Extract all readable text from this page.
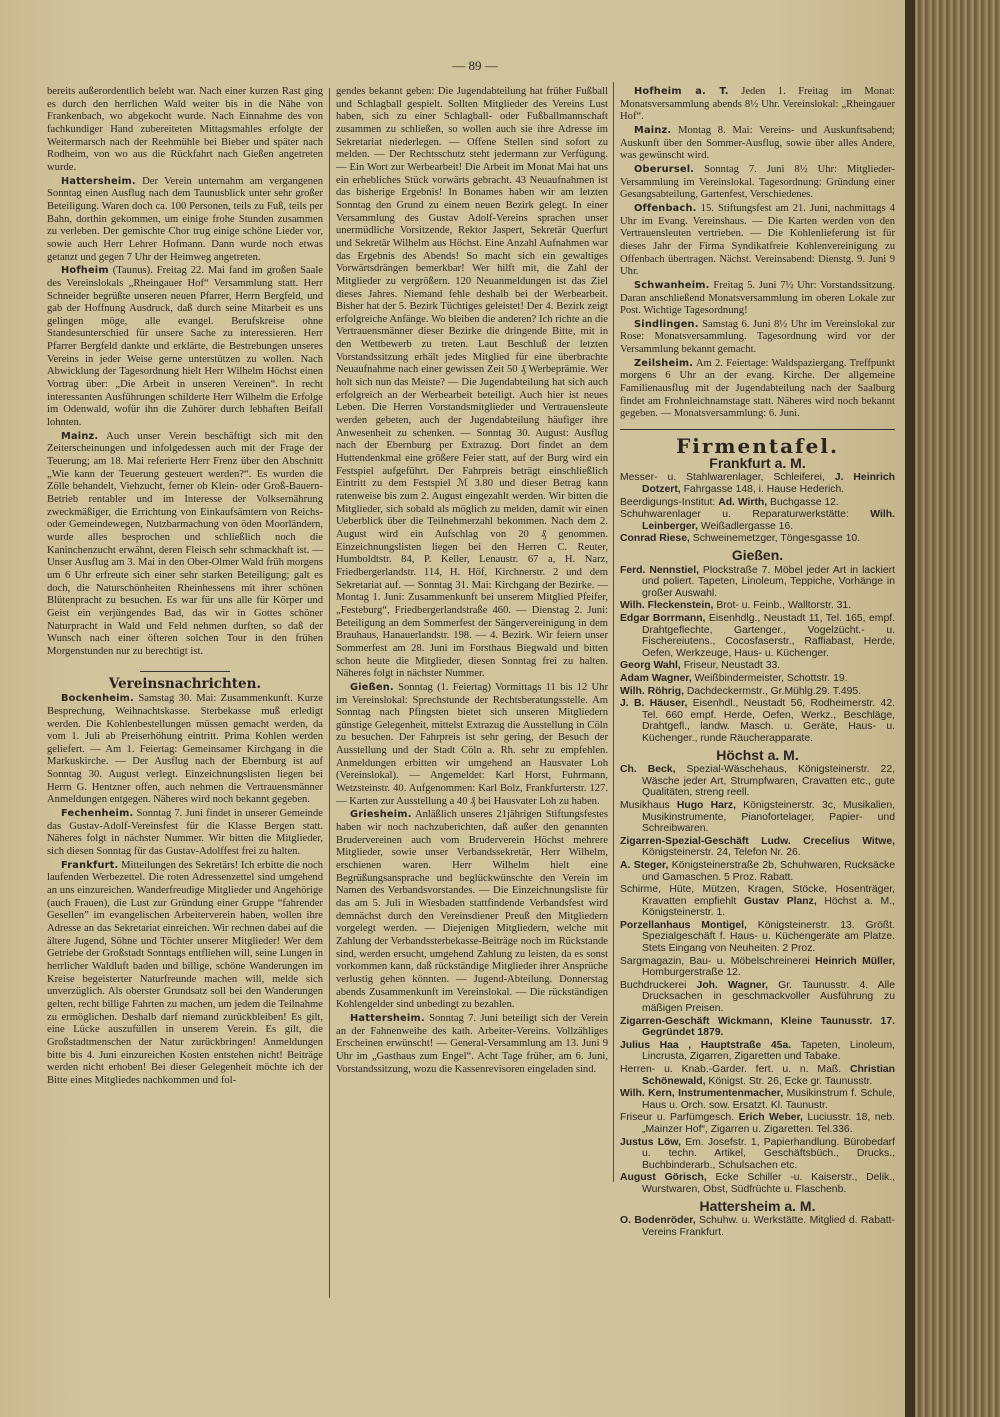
— 89 —

bereits außerordentlich belebt war. Nach einer kurzen Rast ging es durch den herrlichen Wald weiter bis in die Nähe von Frankenbach, wo abgekocht wurde. Nach Einnahme des von fachkundiger Hand zubereiteten Mittagsmahles erfolgte der Weitermarsch nach der Reehmühle bei Bieber und später nach Rodheim, von wo aus die Rückfahrt nach Gießen angetreten wurde.

Hattersheim. Der Verein unternahm am vergangenen Sonntag einen Ausflug nach dem Taunusblick unter sehr großer Beteiligung. Waren doch ca. 100 Personen, teils zu Fuß, teils per Bahn, dorthin gekommen, um einige frohe Stunden zusammen zu verleben. Der gemischte Chor trug einige schöne Lieder vor, sowie auch Herr Lehrer Hofmann. Dann wurde noch etwas getanzt und gegen 7 Uhr der Heimweg angetreten.

Hofheim (Taunus). Freitag 22. Mai fand im großen Saale des Vereinslokals „Rheingauer Hof“ Versammlung statt. Herr Schneider begrüßte unseren neuen Pfarrer, Herrn Bergfeld, und gab der Hoffnung Ausdruck, daß durch seine Mitarbeit es uns gelingen möge, alle evangel. Berufskreise ohne Standesunterschied für unsere Sache zu interessieren. Herr Pfarrer Bergfeld dankte und erklärte, die Bestrebungen unseres Vereins in jeder Weise gerne unterstützen zu wollen. Nach Abwicklung der Tagesordnung hielt Herr Wilhelm Höchst einen Vortrag über: „Die Arbeit in unseren Vereinen“. In recht interessanten Ausführungen schilderte Herr Wilhelm die Erfolge im Odenwald, wofür ihn die Zuhörer durch lebhaften Beifall lohnten.

Mainz. Auch unser Verein beschäftigt sich mit den Zeiterscheinungen und infolgedessen auch mit der Frage der Teuerung; am 18. Mai referierte Herr Frenz über den Abschnitt „Wie kann der Teuerung gesteuert werden?“. Es wurden die Zölle behandelt, Viehzucht, ferner ob Klein- oder Groß-Bauern-Betrieb rentabler und im Interesse der Volksernährung zweckmäßiger, die Errichtung von Einkaufsämtern von Reichs- oder Gemeindewegen, Nutzbarmachung von öden Moorländern, wurde alles besprochen und schließlich noch die Kaninchenzucht erwähnt, deren Fleisch sehr schmackhaft ist. — Unser Ausflug am 3. Mai in den Ober-Olmer Wald früh morgens um 6 Uhr erfreute sich einer sehr starken Beteiligung; galt es doch, die Naturschönheiten Rheinhessens mit ihrer schönen Blütenpracht zu besuchen. Es war für uns alle für Körper und Geist ein verjüngendes Bad, das wir in Gottes schöner Naturpracht in Wald und Feld nehmen durften, so daß der Wunsch nach einer öfteren solchen Tour in den frühen Morgenstunden nur zu berechtigt ist.

Vereinsnachrichten.

Bockenheim. Samstag 30. Mai: Zusammenkunft. Kurze Besprechung, Weihnachtskasse. Sterbekasse muß erledigt werden. Die Kohlenbestellungen müssen gemacht werden, da vom 1. Juli ab Preiserhöhung eintritt. Prima Kohlen werden geliefert. — Am 1. Feiertag: Gemeinsamer Kirchgang in die Markuskirche. — Der Ausflug nach der Ebernburg ist auf Sonntag 30. August verlegt. Einzeichnungslisten liegen bei Herrn G. Hentzner offen, auch nehmen die Vertrauensmänner Anmeldungen entgegen. Näheres wird noch bekannt gegeben.

Fechenheim. Sonntag 7. Juni findet in unserer Gemeinde das Gustav-Adolf-Vereinsfest für die Klasse Bergen statt. Näheres folgt in nächster Nummer. Wir bitten die Mitglieder, sich diesen Sonntag für das Gustav-Adolffest frei zu halten.

Frankfurt. Mitteilungen des Sekretärs! Ich erbitte die noch laufenden Werbezettel. Die roten Adressenzettel sind umgehend an uns einzureichen. Wanderfreudige Mitglieder und Angehörige (auch Frauen), die Lust zur Gründung einer Gruppe “fahrender Gesellen” im evangelischen Arbeiterverein haben, wollen ihre Adresse an das Sekretariat einreichen. Wir rechnen dabei auf die ältere Jugend, Söhne und Töchter unserer Mitglieder! Wer dem Getriebe der Großstadt Sonntags entfliehen will, seine Lungen in herrlicher Waldluft baden und billige, schöne Wanderungen im Kreise begeisterter Naturfreunde machen will, melde sich unverzüglich. Als oberster Grundsatz soll bei den Wanderungen gelten, recht billige Fahrten zu machen, um jedem die Teilnahme zu ermöglichen. Deshalb darf niemand zurückbleiben! Es gilt, eine Lücke auszufüllen in unserem Verein. Es gilt, die Großstadtmenschen der Natur zurückbringen! Anmeldungen bitte bis 4. Juni einzureichen Kosten entstehen nicht! Beiträge werden nicht erhoben! Bei dieser Gelegenheit möchte ich der Bitte eines Mitgliedes nachkommen und fol-

gendes bekannt geben: Die Jugendabteilung hat früher Fußball und Schlagball gespielt. Sollten Mitglieder des Vereins Lust haben, sich zu einer Schlagball- oder Fußballmannschaft zusammen zu schließen, so wollen auch sie ihre Adresse im Sekretariat niederlegen. — Offene Stellen sind sofort zu melden. — Der Rechtsschutz steht jedermann zur Verfügung. — Ein Wort zur Werbearbeit! Die Arbeit im Monat Mai hat uns ein erhebliches Stück vorwärts gebracht. 43 Neuaufnahmen ist das bisherige Ergebnis! In Bonames haben wir am letzten Sonntag den Grund zu einem neuen Bezirk gelegt. In einer Versammlung des Gustav Adolf-Vereins sprachen unser unermüdliche Vorsitzende, Rektor Jaspert, Sekretär Querfurt und Sekretär Wilhelm aus Höchst. Eine Anzahl Aufnahmen war das Ergebnis des Abends! So macht sich ein gewaltiges Vorwärtsdrängen bemerkbar! Wer hilft mit, die Zahl der Mitglieder zu vergrößern. 120 Neuanmeldungen ist das Ziel dieses Jahres. Niemand fehle deshalb bei der Werbearbeit. Bisher hat der 5. Bezirk Tüchtiges geleistet! Der 4. Bezirk zeigt erfolgreiche Anfänge. Wo bleiben die anderen? Ich richte an die Vertrauensmänner dieser Bezirke die dringende Bitte, mit in den Wettbewerb zu treten. Laut Beschluß der letzten Vorstandssitzung erhält jedes Mitglied für eine überbrachte Neuaufnahme nach einer gewissen Zeit 50 ₰ Werbeprämie. Wer holt sich nun das Meiste? — Die Jugendabteilung hat sich auch erfolgreich an der Werbearbeit beteiligt. Auch hier ist neues Leben. Die Herren Vorstandsmitglieder und Vertrauensleute werden gebeten, auch der Jugendabteilung häufiger ihre Anwesenheit zu schenken. — Sonntag 30. August: Ausflug nach der Ebernburg per Extrazug. Dort findet an dem Huttendenkmal eine größere Feier statt, auf der Burg wird ein Festspiel aufgeführt. Der Fahrpreis beträgt einschließlich Eintritt zu dem Festspiel ℳ 3.80 und dieser Betrag kann ratenweise bis zum 2. August eingezahlt werden. Wir bitten die Mitglieder, sich sobald als möglich zu melden, damit wir einen Ueberblick über die Teilnehmerzahl bekommen. Nach dem 2. August wird ein Aufschlag von 20 ₰ genommen. Einzeichnungslisten liegen bei den Herren C. Reuter, Humboldtstr. 84, P. Keller, Lenaustr. 67 a, H. Narz, Friedbergerlandstr. 114, H. Höf, Kirchnerstr. 2 und dem Sekretariat auf. — Sonntag 31. Mai: Kirchgang der Bezirke. — Montag 1. Juni: Zusammenkunft bei unserem Mitglied Pfeifer, „Festeburg“, Friedbergerlandstraße 460. — Dienstag 2. Juni: Beteiligung an dem Sommerfest der Sängervereinigung in dem Brauhaus, Hanauerlandstr. 198. — 4. Bezirk. Wir feiern unser Sommerfest am 28. Juni im Forsthaus Biegwald und bitten schon heute die Mitglieder, diesen Sonntag frei zu halten. Näheres folgt in nächster Nummer.

Gießen. Sonntag (1. Feiertag) Vormittags 11 bis 12 Uhr im Vereinslokal: Sprechstunde der Rechtsberatungsstelle. Am Sonntag nach Pfingsten bietet sich unseren Mitgliedern günstige Gelegenheit, mittelst Extrazug die Ausstellung in Cöln zu besuchen. Der Fahrpreis ist sehr gering, der Besuch der Ausstellung und der Stadt Cöln a. Rh. sehr zu empfehlen. Anmeldungen erbitten wir umgehend an Hausvater Loh (Vereinslokal). — Angemeldet: Karl Horst, Fuhrmann, Wetzsteinstr. 40. Aufgenommen: Karl Bolz, Frankfurterstr. 127. — Karten zur Ausstellung a 40 ₰ bei Hausvater Loh zu haben.

Griesheim. Anläßlich unseres 21jährigen Stiftungsfestes haben wir noch nachzuberichten, daß außer den genannten Brudervereinen auch vom Bruderverein Höchst mehrere Mitglieder, sowie unser Verbandssekretär, Herr Wilhelm, erschienen waren. Herr Wilhelm hielt eine Begrüßungsansprache und beglückwünschte den Verein im Namen des Verbandsvorstandes. — Die Einzeichnungsliste für das am 5. Juli in Wiesbaden stattfindende Verbandsfest wird demnächst durch den Vereinsdiener Preuß den Mitgliedern vorgelegt werden. — Diejenigen Mitgliedern, welche mit Zahlung der Verbandssterbekasse-Beiträge noch im Rückstande sind, werden ersucht, umgehend Zahlung zu leisten, da es sonst vorkommen kann, daß rückständige Mitglieder ihrer Ansprüche verlustig gehen könnten. — Jugend-Abteilung. Donnerstag abends Zusammenkunft im Vereinslokal. — Die rückständigen Kohlengelder sind unbedingt zu bezahlen.

Hattersheim. Sonntag 7. Juni beteiligt sich der Verein an der Fahnenweihe des kath. Arbeiter-Vereins. Vollzähliges Erscheinen erwünscht! — General-Versammlung am 13. Juni 9 Uhr im „Gasthaus zum Engel“. Acht Tage früher, am 6. Juni, Vorstandssitzung, wozu die Kassenrevisoren eingeladen sind.

Hofheim a. T. Jeden 1. Freitag im Monat: Monatsversammlung abends 8½ Uhr. Vereinslokal: „Rheingauer Hof“.

Mainz. Montag 8. Mai: Vereins- und Auskunftsabend; Auskunft über den Sommer-Ausflug, sowie über alles Andere, was gewünscht wird.

Oberursel. Sonntag 7. Juni 8½ Uhr: Mitglieder-Versammlung im Vereinslokal. Tagesordnung: Gründung einer Gesangsabteilung, Gartenfest, Verschiedenes.

Offenbach. 15. Stiftungsfest am 21. Juni, nachmittags 4 Uhr im Evang. Vereinshaus. — Die Karten werden von den Vertrauensleuten vertrieben. — Die Kohlenlieferung ist für dieses Jahr der Firma Syndikatfreie Kohlenvereinigung zu Offenbach übertragen. Nächst. Vereinsabend: Dienstg. 9. Juni 9 Uhr.

Schwanheim. Freitag 5. Juni 7½ Uhr: Vorstandssitzung. Daran anschließend Monatsversammlung im oberen Lokale zur Post. Wichtige Tagesordnung!

Sindlingen. Samstag 6. Juni 8½ Uhr im Vereinslokal zur Rose: Monatsversammlung. Tagesordnung wird vor der Versammlung bekannt gemacht.

Zeilsheim. Am 2. Feiertage: Waldspaziergang. Treffpunkt morgens 6 Uhr an der evang. Kirche. Der allgemeine Familienausflug mit der Jugendabteilung nach der Saalburg findet am Frohnleichnamstage statt. Näheres wird noch bekannt gegeben. — Monatsversammlung: 6. Juni.

Firmentafel.
Frankfurt a. M.
Messer- u. Stahlwarenlager, Schleiferei, J. Heinrich Dotzert, Fahrgasse 148, i. Hause Hederich.
Beerdigungs-Institut: Ad. Wirth, Buchgasse 12.
Schuhwarenlager u. Reparaturwerkstätte: Wilh. Leinberger, Weißadlergasse 16.
Conrad Riese, Schweinemetzger, Töngesgasse 10.
Gießen.
Ferd. Nennstiel, Plockstraße 7. Möbel jeder Art in lackiert und poliert. Tapeten, Linoleum, Teppiche, Vorhänge in großer Auswahl.
Wilh. Fleckenstein, Brot- u. Feinb., Walltorstr. 31.
Edgar Borrmann, Eisenhdlg., Neustadt 11, Tel. 165, empf. Drahtgeflechte, Gartenger., Vogelzücht.- u. Fischereiutens., Cocosfaserstr., Raffiabast, Herde, Oefen, Werkzeuge, Haus- u. Küchenger.
Georg Wahl, Friseur, Neustadt 33.
Adam Wagner, Weißbindermeister, Schottstr. 19.
Wilh. Röhrig, Dachdeckermstr., Gr.Mühlg.29. T.495.
J. B. Häuser, Eisenhdl., Neustadt 56, Rodheimerstr. 42. Tel. 660 empf. Herde, Oefen, Werkz., Beschläge, Drahtgefl., landw. Masch. u. Geräte, Haus- u. Küchenger., runde Räucherapparate.
Höchst a. M.
Ch. Beck, Spezial-Wäschehaus, Königsteinerstr. 22, Wäsche jeder Art, Strumpfwaren, Cravatten etc., gute Qualitäten, streng reell.
Musikhaus Hugo Harz, Königsteinerstr. 3c, Musikalien, Musikinstrumente, Pianofortelager, Papier- und Schreibwaren.
Zigarren-Spezial-Geschäft Ludw. Crecelius Witwe, Königsteinerstr. 24, Telefon Nr. 26.
A. Steger, Königsteinerstraße 2b, Schuhwaren, Rucksäcke und Gamaschen. 5 Proz. Rabatt.
Schirme, Hüte, Mützen, Kragen, Stöcke, Hosenträger, Kravatten empfiehlt Gustav Planz, Höchst a. M., Königsteinerstr. 1.
Porzellanhaus Montigel, Königsteinerstr. 13. Größt. Spezialgeschäft f. Haus- u. Küchengeräte am Platze. Stets Eingang von Neuheiten. 2 Proz.
Sargmagazin, Bau- u. Möbelschreinerei Heinrich Müller, Homburgerstraße 12.
Buchdruckerei Joh. Wagner, Gr. Taunusstr. 4. Alle Drucksachen in geschmackvoller Ausführung zu mäßigen Preisen.
Zigarren-Geschäft Wickmann, Kleine Taunusstr. 17. Gegründet 1879.
Julius Haa , Hauptstraße 45a. Tapeten, Linoleum, Lincrusta, Zigarren, Zigaretten und Tabake.
Herren- u. Knab.-Garder. fert. u. n. Maß. Christian Schönewald, Königst. Str. 26, Ecke gr. Taunusstr.
Wilh. Kern, Instrumentenmacher, Musikinstrum f. Schule, Haus u. Orch. sow. Ersatzt. Kl. Taunustr.
Friseur u. Parfümgesch. Erich Weber, Luciusstr. 18, neb. „Mainzer Hof“, Zigarren u. Zigaretten. Tel.336.
Justus Löw, Em. Josefstr. 1, Papierhandlung. Bürobedarf u. techn. Artikel, Geschäftsbüch., Drucks., Buchbinderarb., Schulsachen etc.
August Görisch, Ecke Schiller -u. Kaiserstr., Delik., Wurstwaren, Obst, Südfrüchte u. Flaschenb.
Hattersheim a. M.
O. Bodenröder, Schuhw. u. Werkstätte. Mitglied d. Rabatt-Vereins Frankfurt.
